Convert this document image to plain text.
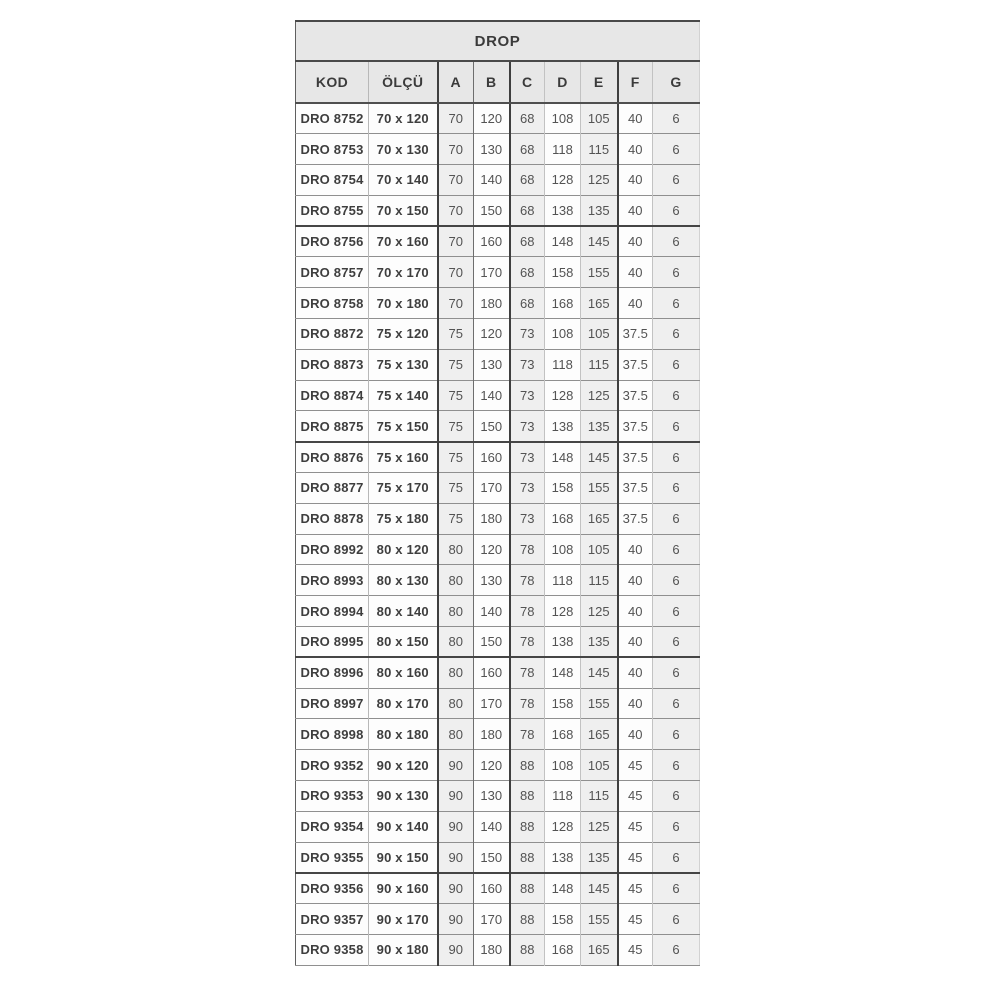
DROP								
KOD	ÖLÇÜ	A	B	C	D	E	F	G
DRO 8752	70 x 120	70	120	68	108	105	40	6
DRO 8753	70 x 130	70	130	68	118	115	40	6
DRO 8754	70 x 140	70	140	68	128	125	40	6
DRO 8755	70 x 150	70	150	68	138	135	40	6
DRO 8756	70 x 160	70	160	68	148	145	40	6
DRO 8757	70 x 170	70	170	68	158	155	40	6
DRO 8758	70 x 180	70	180	68	168	165	40	6
DRO 8872	75 x 120	75	120	73	108	105	37.5	6
DRO 8873	75 x 130	75	130	73	118	115	37.5	6
DRO 8874	75 x 140	75	140	73	128	125	37.5	6
DRO 8875	75 x 150	75	150	73	138	135	37.5	6
DRO 8876	75 x 160	75	160	73	148	145	37.5	6
DRO 8877	75 x 170	75	170	73	158	155	37.5	6
DRO 8878	75 x 180	75	180	73	168	165	37.5	6
DRO 8992	80 x 120	80	120	78	108	105	40	6
DRO 8993	80 x 130	80	130	78	118	115	40	6
DRO 8994	80 x 140	80	140	78	128	125	40	6
DRO 8995	80 x 150	80	150	78	138	135	40	6
DRO 8996	80 x 160	80	160	78	148	145	40	6
DRO 8997	80 x 170	80	170	78	158	155	40	6
DRO 8998	80 x 180	80	180	78	168	165	40	6
DRO 9352	90 x 120	90	120	88	108	105	45	6
DRO 9353	90 x 130	90	130	88	118	115	45	6
DRO 9354	90 x 140	90	140	88	128	125	45	6
DRO 9355	90 x 150	90	150	88	138	135	45	6
DRO 9356	90 x 160	90	160	88	148	145	45	6
DRO 9357	90 x 170	90	170	88	158	155	45	6
DRO 9358	90 x 180	90	180	88	168	165	45	6
